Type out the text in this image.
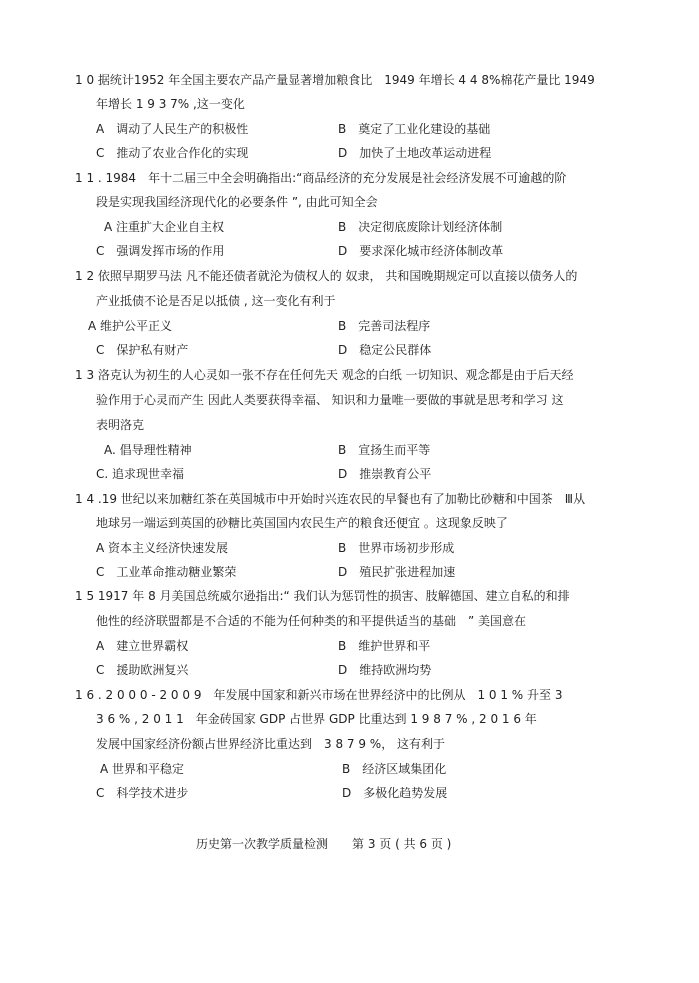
1 0 据统计1952 年全国主要农产品产量显著增加粮食比　1949 年增长 4 4 8%棉花产量比 1949
年增长 1 9 3 7% ,这一变化
A　调动了人民生产的积极性	B　奠定了工业化建设的基础
C　推动了农业合作化的实现	D　加快了土地改革运动进程
1 1 . 1984　年十二届三中全会明确指出:“商品经济的充分发展是社会经济发展不可逾越的阶
段是实现我国经济现代化的必要条件 ”, 由此可知全会
A 注重扩大企业自主权	B　决定彻底废除计划经济体制
C　强调发挥市场的作用	D　要求深化城市经济体制改革
1 2 依照早期罗马法 凡不能还债者就沦为债权人的 奴隶， 共和国晚期规定可以直接以债务人的
产业抵债不论是否足以抵债 , 这一变化有利于
A 维护公平正义	B　完善司法程序
C　保护私有财产	D　稳定公民群体
1 3 洛克认为初生的人心灵如一张不存在任何先天 观念的白纸 一切知识、观念都是由于后天经
验作用于心灵而产生 因此人类要获得幸福、 知识和力量唯一要做的事就是思考和学习 这
表明洛克
A. 倡导理性精神	B　宣扬生而平等
C. 追求现世幸福	D　推崇教育公平
1 4 .19 世纪以来加糖红茶在英国城市中开始时兴连农民的早餐也有了加勒比砂糖和中国茶　Ⅲ从
地球另一端运到英国的砂糖比英国国内农民生产的粮食还便宜 。这现象反映了
A 资本主义经济快速发展	B　世界市场初步形成
C　工业革命推动糖业繁荣	D　殖民扩张进程加速
1 5 1917 年 8 月美国总统威尔逊指出:“ 我们认为惩罚性的损害、肢解德国、建立自私的和排
他性的经济联盟都是不合适的不能为任何种类的和平提供适当的基础　” 美国意在
A　建立世界霸权	B　维护世界和平
C　援助欧洲复兴	D　维持欧洲均势
1 6 . 2 0 0 0 - 2 0 0 9　年发展中国家和新兴市场在世界经济中的比例从　1 0 1 % 升至 3
3 6 % , 2 0 1 1　年金砖国家 GDP 占世界 GDP 比重达到 1 9 8 7 % , 2 0 1 6 年
发展中国家经济份额占世界经济比重达到　3 8 7 9 %， 这有利于
A 世界和平稳定	B　经济区域集团化
C　科学技术进步	D　多极化趋势发展
历史第一次教学质量检测　　第 3 页 ( 共 6 页 )
